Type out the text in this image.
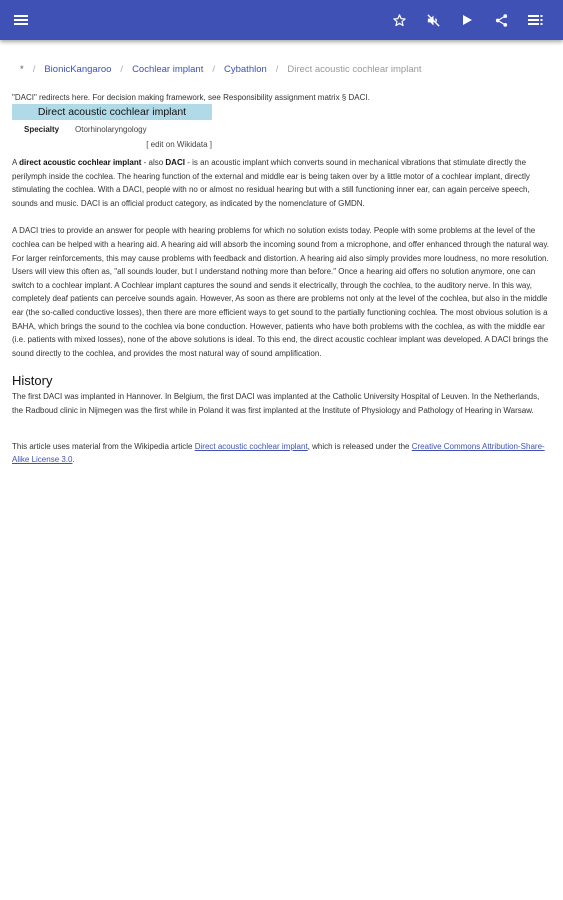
* / BionicKangaroo / Cochlear implant / Cybathlon / Direct acoustic cochlear implant

"DACI" redirects here. For decision making framework, see Responsibility assignment matrix § DACI.

Direct acoustic cochlear implant
Specialty	Otorhinolaryngology
[ edit on Wikidata ]

A direct acoustic cochlear implant - also DACI - is an acoustic implant which converts sound in mechanical vibrations that stimulate directly the perilymph inside the cochlea. The hearing function of the external and middle ear is being taken over by a little motor of a cochlear implant, directly stimulating the cochlea. With a DACI, people with no or almost no residual hearing but with a still functioning inner ear, can again perceive speech, sounds and music. DACI is an official product category, as indicated by the nomenclature of GMDN.

A DACI tries to provide an answer for people with hearing problems for which no solution exists today. People with some problems at the level of the cochlea can be helped with a hearing aid. A hearing aid will absorb the incoming sound from a microphone, and offer enhanced through the natural way. For larger reinforcements, this may cause problems with feedback and distortion. A hearing aid also simply provides more loudness, no more resolution. Users will view this often as, "all sounds louder, but I understand nothing more than before." Once a hearing aid offers no solution anymore, one can switch to a cochlear implant. A Cochlear implant captures the sound and sends it electrically, through the cochlea, to the auditory nerve. In this way, completely deaf patients can perceive sounds again. However, As soon as there are problems not only at the level of the cochlea, but also in the middle ear (the so-called conductive losses), then there are more efficient ways to get sound to the partially functioning cochlea. The most obvious solution is a BAHA, which brings the sound to the cochlea via bone conduction. However, patients who have both problems with the cochlea, as with the middle ear (i.e. patients with mixed losses), none of the above solutions is ideal. To this end, the direct acoustic cochlear implant was developed. A DACI brings the sound directly to the cochlea, and provides the most natural way of sound amplification.

History

The first DACI was implanted in Hannover. In Belgium, the first DACI was implanted at the Catholic University Hospital of Leuven. In the Netherlands, the Radboud clinic in Nijmegen was the first while in Poland it was first implanted at the Institute of Physiology and Pathology of Hearing in Warsaw.

This article uses material from the Wikipedia article Direct acoustic cochlear implant, which is released under the Creative Commons Attribution-Share-Alike License 3.0.
